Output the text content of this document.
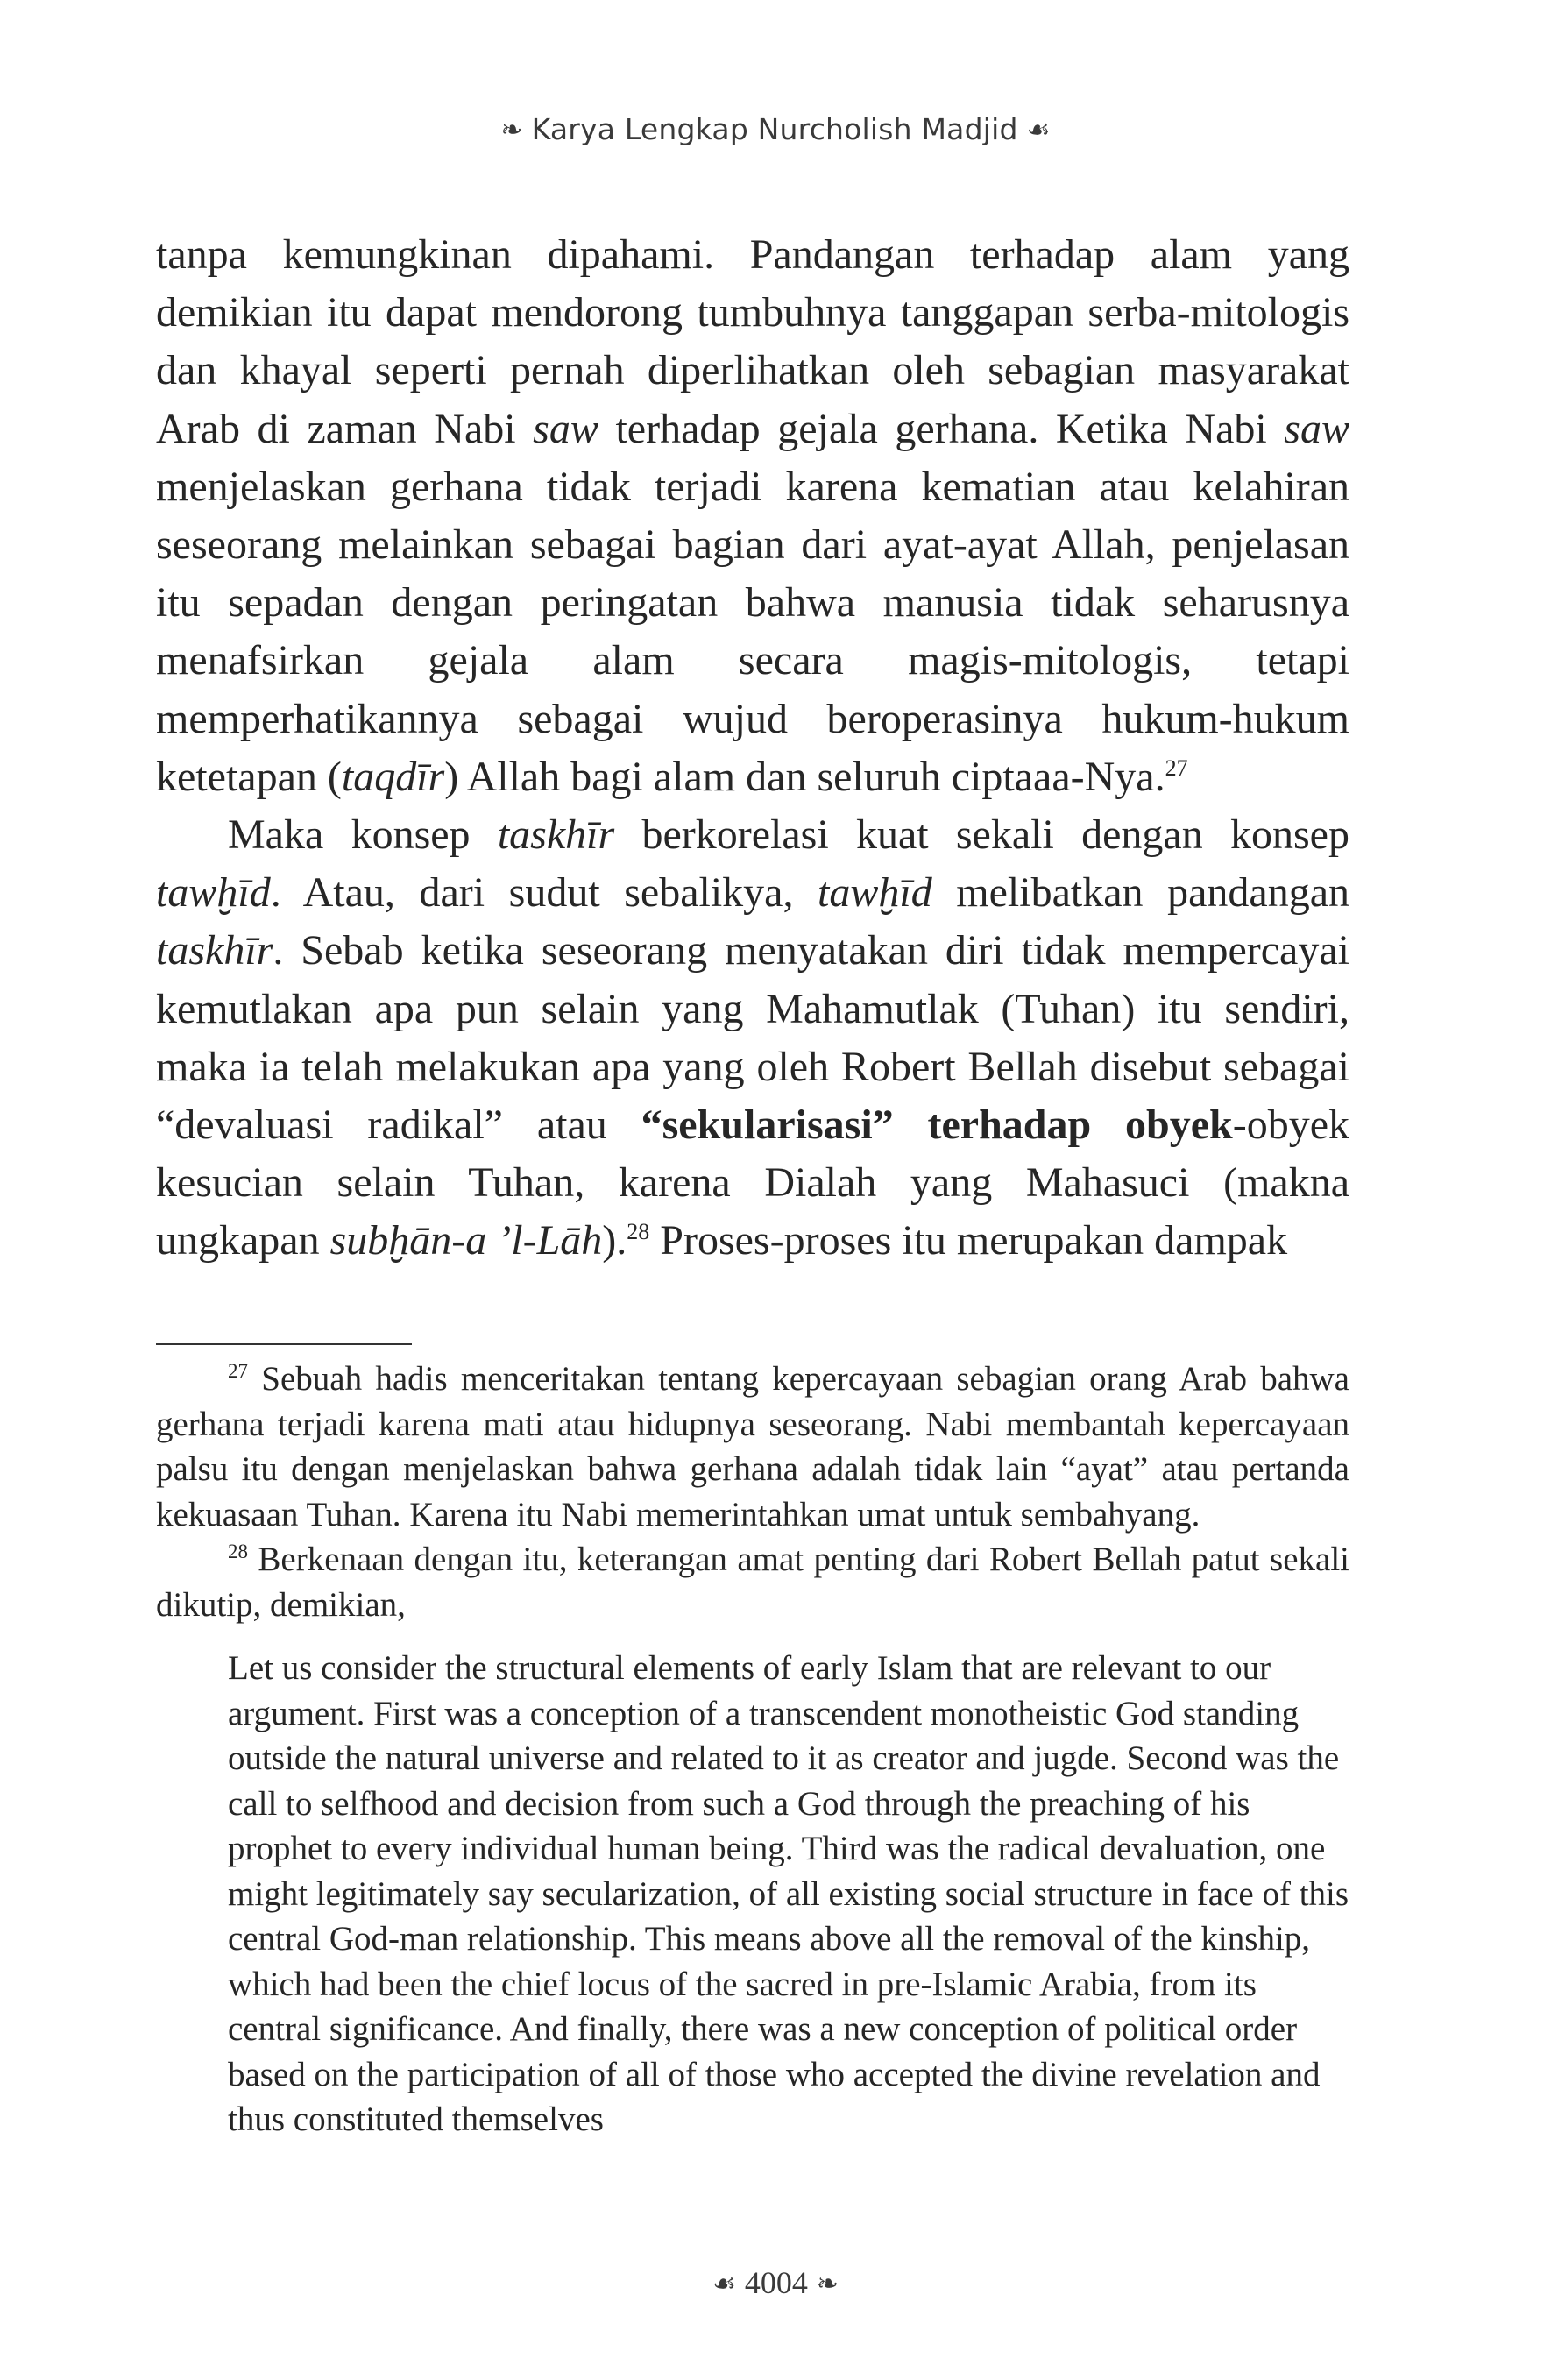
❧ Karya Lengkap Nurcholish Madjid ☙

tanpa kemungkinan dipahami. Pandangan terhadap alam yang demikian itu dapat mendorong tumbuhnya tanggapan serba-mitologis dan khayal seperti pernah diperlihatkan oleh sebagian masyarakat Arab di zaman Nabi saw terhadap gejala gerhana. Ketika Nabi saw menjelaskan gerhana tidak terjadi karena kematian atau kelahiran seseorang melainkan sebagai bagian dari ayat-ayat Allah, penjelasan itu sepadan dengan peringatan bahwa manusia tidak seharusnya menafsirkan gejala alam secara magis-mitologis, tetapi memperhatikannya sebagai wujud beroperasinya hukum-hukum ketetapan (taqdīr) Allah bagi alam dan seluruh ciptaaa-Nya.$^{27}$

Maka konsep taskhīr berkorelasi kuat sekali dengan konsep tawḫīd. Atau, dari sudut sebalikya, tawḫīd melibatkan pandangan taskhīr. Sebab ketika seseorang menyatakan diri tidak mempercayai kemutlakan apa pun selain yang Mahamutlak (Tuhan) itu sendiri, maka ia telah melakukan apa yang oleh Robert Bellah disebut sebagai “devaluasi radikal” atau “sekularisasi” terhadap obyek-obyek kesucian selain Tuhan, karena Dialah yang Mahasuci (makna ungkapan subḫān-a ’l-Lāh).$^{28}$ Proses-proses itu merupakan dampak

$^{27}$ Sebuah hadis menceritakan tentang kepercayaan sebagian orang Arab bahwa gerhana terjadi karena mati atau hidupnya seseorang. Nabi membantah kepercayaan palsu itu dengan menjelaskan bahwa gerhana adalah tidak lain “ayat” atau pertanda kekuasaan Tuhan. Karena itu Nabi memerintahkan umat untuk sembahyang.

$^{28}$ Berkenaan dengan itu, keterangan amat penting dari Robert Bellah patut sekali dikutip, demikian,

Let us consider the structural elements of early Islam that are relevant to our argument. First was a conception of a transcendent monotheistic God standing outside the natural universe and related to it as creator and jugde. Second was the call to selfhood and decision from such a God through the preaching of his prophet to every individual human being. Third was the radical devaluation, one might legitimately say secularization, of all existing social structure in face of this central God-man relationship. This means above all the removal of the kinship, which had been the chief locus of the sacred in pre-Islamic Arabia, from its central significance. And finally, there was a new conception of political order based on the participation of all of those who accepted the divine revelation and thus constituted themselves

☙ 4004 ❧
